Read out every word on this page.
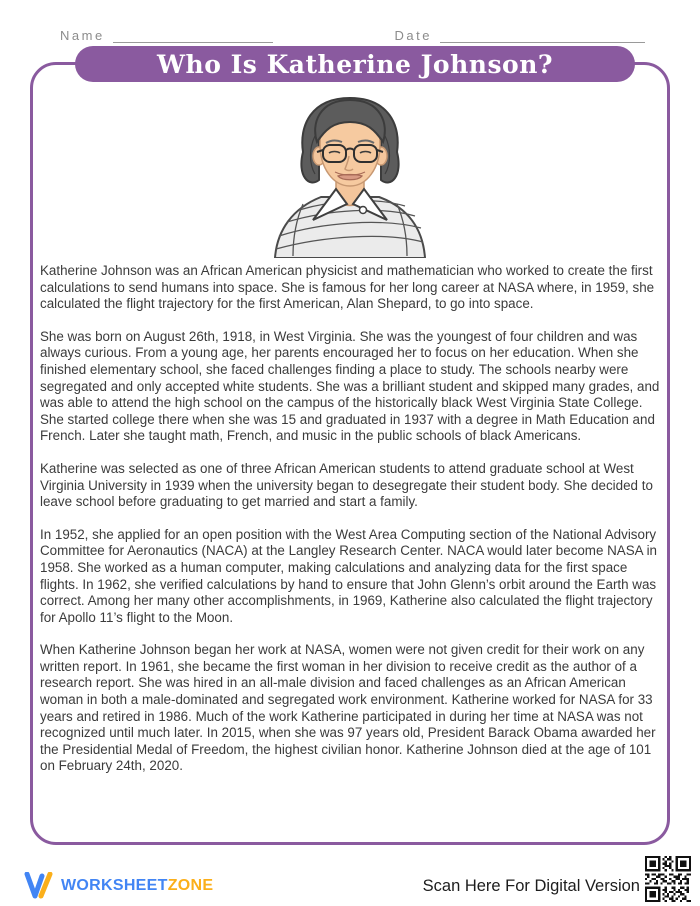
Name	Date
Who Is Katherine Johnson?

Katherine Johnson was an African American physicist and mathematician who worked to create the first calculations to send humans into space. She is famous for her long career at NASA where, in 1959, she calculated the flight trajectory for the first American, Alan Shepard, to go into space.

She was born on August 26th, 1918, in West Virginia. She was the youngest of four children and was always curious. From a young age, her parents encouraged her to focus on her education. When she finished elementary school, she faced challenges finding a place to study. The schools nearby were segregated and only accepted white students. She was a brilliant student and skipped many grades, and was able to attend the high school on the campus of the historically black West Virginia State College. She started college there when she was 15 and graduated in 1937 with a degree in Math Education and French. Later she taught math, French, and music in the public schools of black Americans.

Katherine was selected as one of three African American students to attend graduate school at West Virginia University in 1939 when the university began to desegregate their student body. She decided to leave school before graduating to get married and start a family.

In 1952, she applied for an open position with the West Area Computing section of the National Advisory Committee for Aeronautics (NACA) at the Langley Research Center. NACA would later become NASA in 1958. She worked as a human computer, making calculations and analyzing data for the first space flights. In 1962, she verified calculations by hand to ensure that John Glenn’s orbit around the Earth was correct. Among her many other accomplishments, in 1969, Katherine also calculated the flight trajectory for Apollo 11’s flight to the Moon.

When Katherine Johnson began her work at NASA, women were not given credit for their work on any written report. In 1961, she became the first woman in her division to receive credit as the author of a research report. She was hired in an all-male division and faced challenges as an African American woman in both a male-dominated and segregated work environment. Katherine worked for NASA for 33 years and retired in 1986. Much of the work Katherine participated in during her time at NASA was not recognized until much later. In 2015, when she was 97 years old, President Barack Obama awarded her the Presidential Medal of Freedom, the highest civilian honor. Katherine Johnson died at the age of 101 on February 24th, 2020.

WORKSHEETZONE	Scan Here For Digital Version
